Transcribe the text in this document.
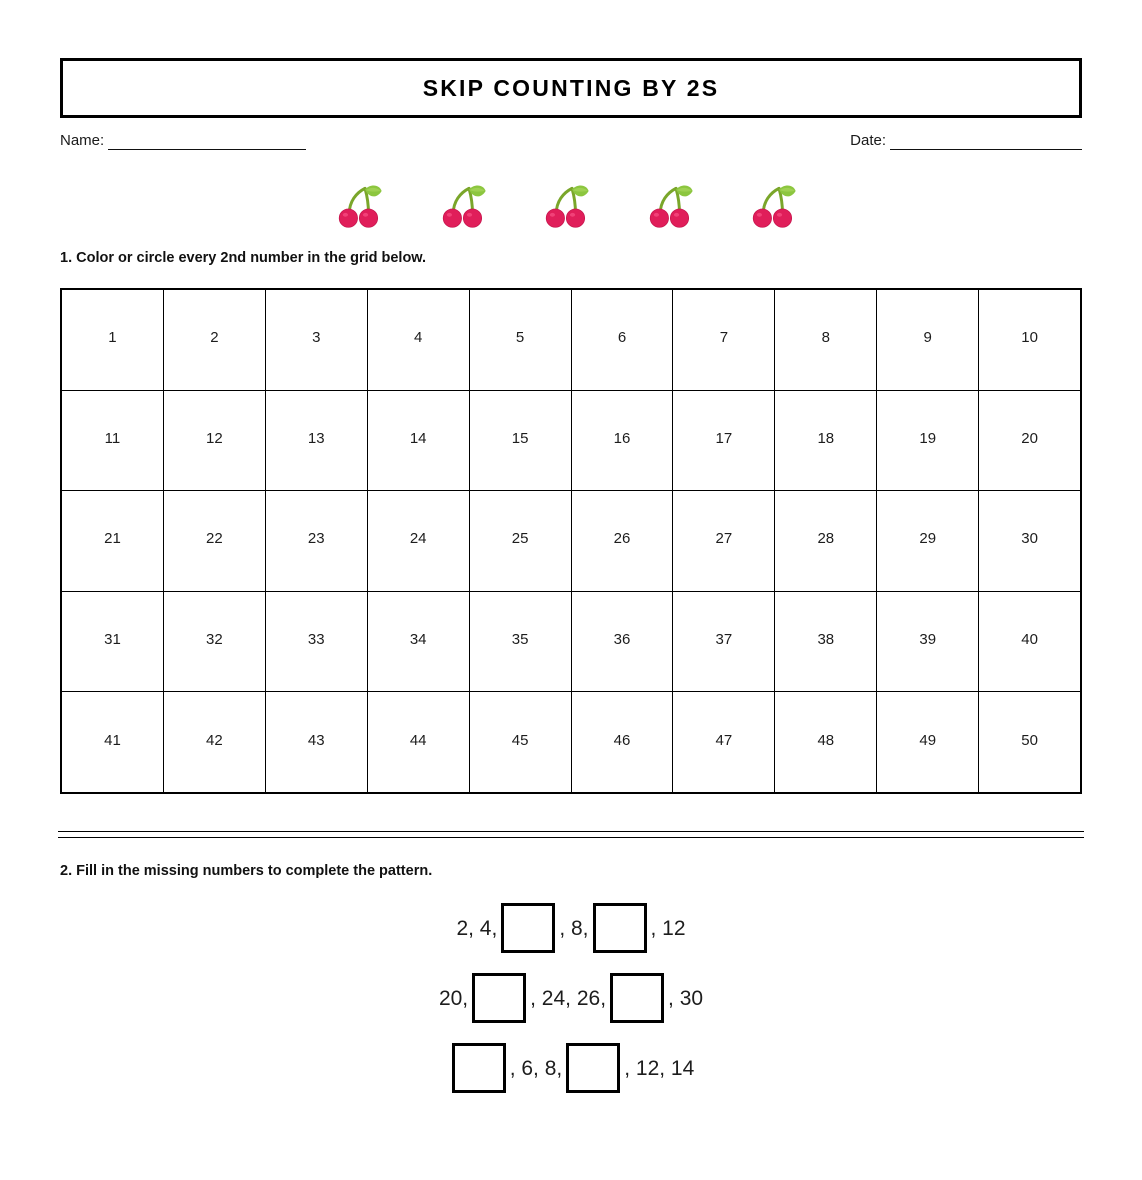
SKIP COUNTING BY 2S
Name:	Date:
1. Color or circle every 2nd number in the grid below.
1	2	3	4	5	6	7	8	9	10
11	12	13	14	15	16	17	18	19	20
21	22	23	24	25	26	27	28	29	30
31	32	33	34	35	36	37	38	39	40
41	42	43	44	45	46	47	48	49	50
2. Fill in the missing numbers to complete the pattern.
2, 4,	, 8,	, 12
20,	, 24, 26,	, 30
, 6, 8,	, 12, 14
